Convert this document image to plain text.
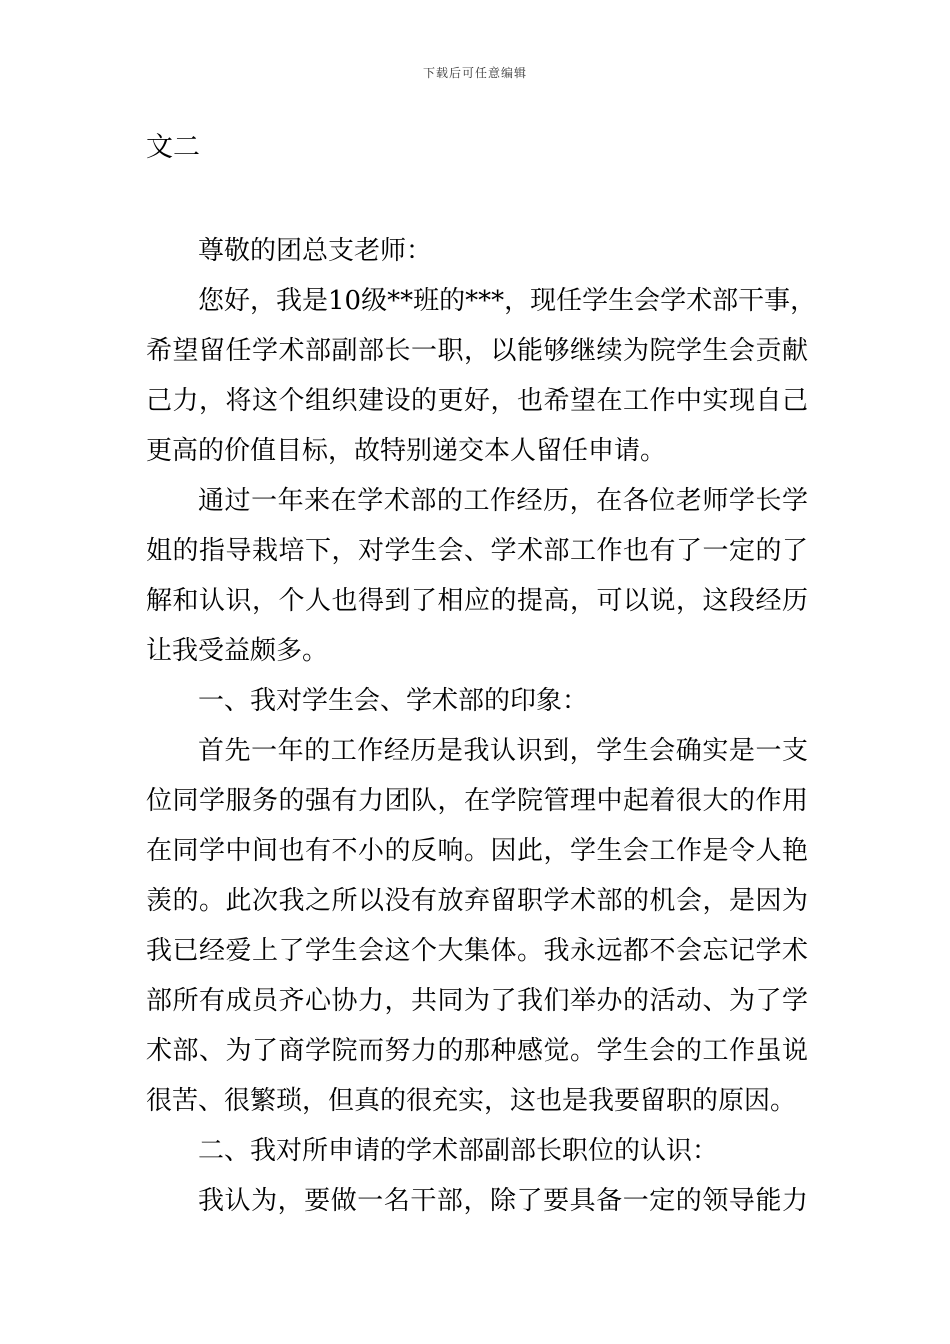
下载后可任意编辑
文二
尊敬的团总支老师：
您好，我是10级**班的***，现任学生会学术部干事，
希望留任学术部副部长一职，以能够继续为院学生会贡献
己力，将这个组织建设的更好，也希望在工作中实现自己
更高的价值目标，故特别递交本人留任申请。
通过一年来在学术部的工作经历，在各位老师学长学
姐的指导栽培下，对学生会、学术部工作也有了一定的了
解和认识，个人也得到了相应的提高，可以说，这段经历
让我受益颇多。
一、我对学生会、学术部的印象：
首先一年的工作经历是我认识到，学生会确实是一支
位同学服务的强有力团队，在学院管理中起着很大的作用
在同学中间也有不小的反响。因此，学生会工作是令人艳
羡的。此次我之所以没有放弃留职学术部的机会，是因为
我已经爱上了学生会这个大集体。我永远都不会忘记学术
部所有成员齐心协力，共同为了我们举办的活动、为了学
术部、为了商学院而努力的那种感觉。学生会的工作虽说
很苦、很繁琐，但真的很充实，这也是我要留职的原因。
二、我对所申请的学术部副部长职位的认识：
我认为，要做一名干部，除了要具备一定的领导能力
